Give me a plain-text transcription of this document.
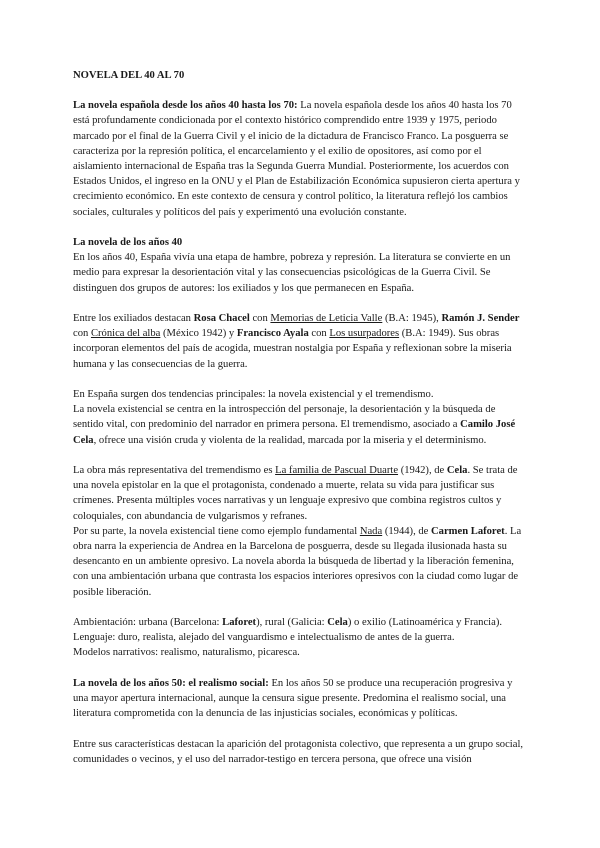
NOVELA DEL 40 AL 70

La novela española desde los años 40 hasta los 70: La novela española desde los años 40 hasta los 70 está profundamente condicionada por el contexto histórico comprendido entre 1939 y 1975, periodo marcado por el final de la Guerra Civil y el inicio de la dictadura de Francisco Franco. La posguerra se caracteriza por la represión política, el encarcelamiento y el exilio de opositores, así como por el aislamiento internacional de España tras la Segunda Guerra Mundial. Posteriormente, los acuerdos con Estados Unidos, el ingreso en la ONU y el Plan de Estabilización Económica supusieron cierta apertura y crecimiento económico. En este contexto de censura y control político, la literatura reflejó los cambios sociales, culturales y políticos del país y experimentó una evolución constante.

La novela de los años 40

En los años 40, España vivía una etapa de hambre, pobreza y represión. La literatura se convierte en un medio para expresar la desorientación vital y las consecuencias psicológicas de la Guerra Civil. Se distinguen dos grupos de autores: los exiliados y los que permanecen en España.

Entre los exiliados destacan Rosa Chacel con Memorias de Leticia Valle (B.A: 1945), Ramón J. Sender con Crónica del alba (México 1942) y Francisco Ayala con Los usurpadores (B.A: 1949). Sus obras incorporan elementos del país de acogida, muestran nostalgia por España y reflexionan sobre la miseria humana y las consecuencias de la guerra.

En España surgen dos tendencias principales: la novela existencial y el tremendismo.

La novela existencial se centra en la introspección del personaje, la desorientación y la búsqueda de sentido vital, con predominio del narrador en primera persona. El tremendismo, asociado a Camilo José Cela, ofrece una visión cruda y violenta de la realidad, marcada por la miseria y el determinismo.

La obra más representativa del tremendismo es La familia de Pascual Duarte (1942), de Cela. Se trata de una novela epistolar en la que el protagonista, condenado a muerte, relata su vida para justificar sus crímenes. Presenta múltiples voces narrativas y un lenguaje expresivo que combina registros cultos y coloquiales, con abundancia de vulgarismos y refranes.

Por su parte, la novela existencial tiene como ejemplo fundamental Nada (1944), de Carmen Laforet. La obra narra la experiencia de Andrea en la Barcelona de posguerra, desde su llegada ilusionada hasta su desencanto en un ambiente opresivo. La novela aborda la búsqueda de libertad y la liberación femenina, con una ambientación urbana que contrasta los espacios interiores opresivos con la ciudad como lugar de posible liberación.

Ambientación: urbana (Barcelona: Laforet), rural (Galicia: Cela) o exilio (Latinoamérica y Francia).

Lenguaje: duro, realista, alejado del vanguardismo e intelectualismo de antes de la guerra.

Modelos narrativos: realismo, naturalismo, picaresca.

La novela de los años 50: el realismo social: En los años 50 se produce una recuperación progresiva y una mayor apertura internacional, aunque la censura sigue presente. Predomina el realismo social, una literatura comprometida con la denuncia de las injusticias sociales, económicas y políticas.

Entre sus características destacan la aparición del protagonista colectivo, que representa a un grupo social, comunidades o vecinos, y el uso del narrador-testigo en tercera persona, que ofrece una visión
